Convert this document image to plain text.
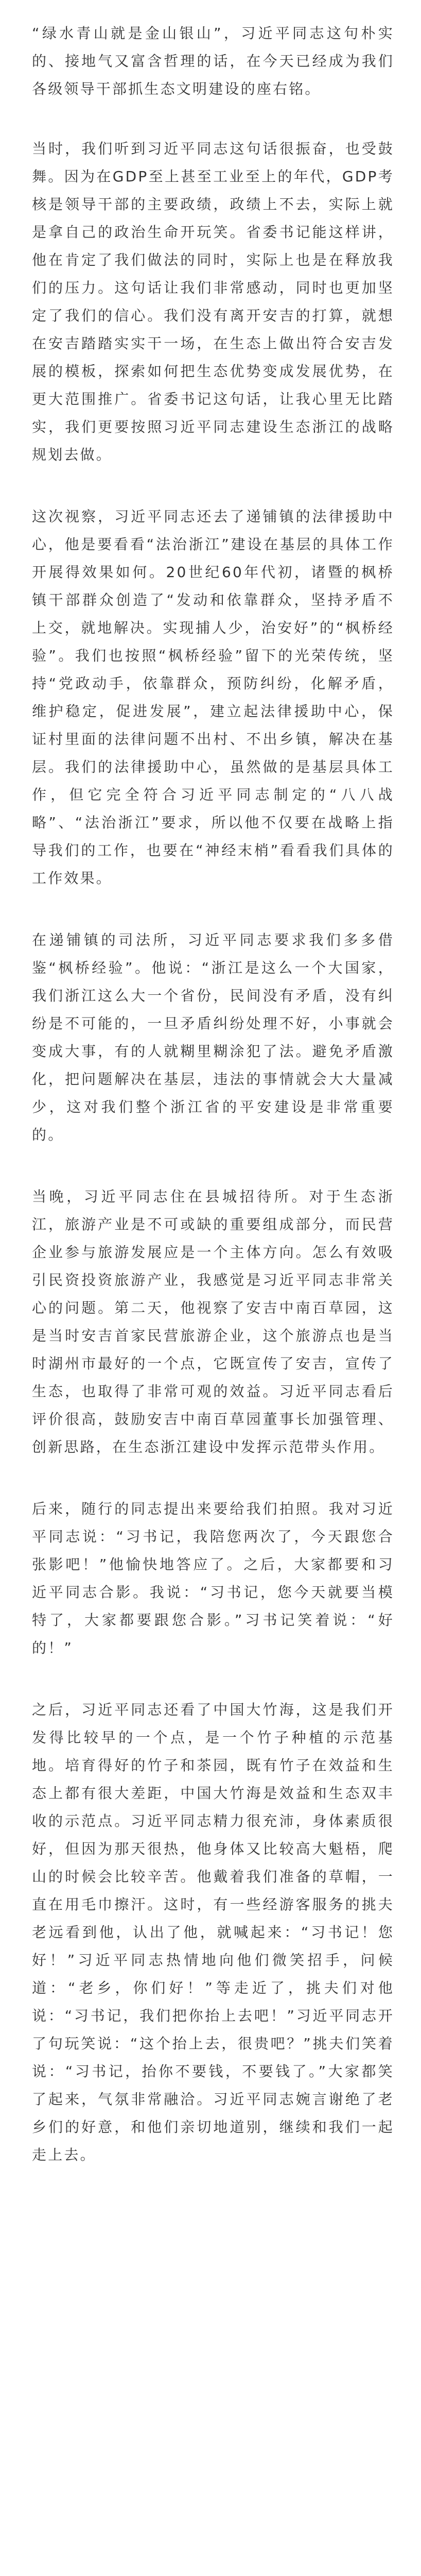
“绿水青山就是金山银山”，习近平同志这句朴实的、接地气又富含哲理的话，在今天已经成为我们各级领导干部抓生态文明建设的座右铭。

当时，我们听到习近平同志这句话很振奋，也受鼓舞。因为在GDP至上甚至工业至上的年代，GDP考核是领导干部的主要政绩，政绩上不去，实际上就是拿自己的政治生命开玩笑。省委书记能这样讲，他在肯定了我们做法的同时，实际上也是在释放我们的压力。这句话让我们非常感动，同时也更加坚定了我们的信心。我们没有离开安吉的打算，就想在安吉踏踏实实干一场，在生态上做出符合安吉发展的模板，探索如何把生态优势变成发展优势，在更大范围推广。省委书记这句话，让我心里无比踏实，我们更要按照习近平同志建设生态浙江的战略规划去做。

这次视察，习近平同志还去了递铺镇的法律援助中心，他是要看看“法治浙江”建设在基层的具体工作开展得效果如何。20世纪60年代初，诸暨的枫桥镇干部群众创造了“发动和依靠群众，坚持矛盾不上交，就地解决。实现捕人少，治安好”的“枫桥经验”。我们也按照“枫桥经验”留下的光荣传统，坚持“党政动手，依靠群众，预防纠纷，化解矛盾，维护稳定，促进发展”，建立起法律援助中心，保证村里面的法律问题不出村、不出乡镇，解决在基层。我们的法律援助中心，虽然做的是基层具体工作，但它完全符合习近平同志制定的“八八战略”、“法治浙江”要求，所以他不仅要在战略上指导我们的工作，也要在“神经末梢”看看我们具体的工作效果。

在递铺镇的司法所，习近平同志要求我们多多借鉴“枫桥经验”。他说：“浙江是这么一个大国家，我们浙江这么大一个省份，民间没有矛盾，没有纠纷是不可能的，一旦矛盾纠纷处理不好，小事就会变成大事，有的人就糊里糊涂犯了法。避免矛盾激化，把问题解决在基层，违法的事情就会大大量减少，这对我们整个浙江省的平安建设是非常重要的。

当晚，习近平同志住在县城招待所。对于生态浙江，旅游产业是不可或缺的重要组成部分，而民营企业参与旅游发展应是一个主体方向。怎么有效吸引民资投资旅游产业，我感觉是习近平同志非常关心的问题。第二天，他视察了安吉中南百草园，这是当时安吉首家民营旅游企业，这个旅游点也是当时湖州市最好的一个点，它既宣传了安吉，宣传了生态，也取得了非常可观的效益。习近平同志看后评价很高，鼓励安吉中南百草园董事长加强管理、创新思路，在生态浙江建设中发挥示范带头作用。

后来，随行的同志提出来要给我们拍照。我对习近平同志说：“习书记，我陪您两次了，今天跟您合张影吧！”他愉快地答应了。之后，大家都要和习近平同志合影。我说：“习书记，您今天就要当模特了，大家都要跟您合影。”习书记笑着说：“好的！”

之后，习近平同志还看了中国大竹海，这是我们开发得比较早的一个点，是一个竹子种植的示范基地。培育得好的竹子和茶园，既有竹子在效益和生态上都有很大差距，中国大竹海是效益和生态双丰收的示范点。习近平同志精力很充沛，身体素质很好，但因为那天很热，他身体又比较高大魁梧，爬山的时候会比较辛苦。他戴着我们准备的草帽，一直在用毛巾擦汗。这时，有一些经游客服务的挑夫老远看到他，认出了他，就喊起来：“习书记！您好！”习近平同志热情地向他们微笑招手，问候道：“老乡，你们好！”等走近了，挑夫们对他说：“习书记，我们把你抬上去吧！”习近平同志开了句玩笑说：“这个抬上去，很贵吧？”挑夫们笑着说：“习书记，抬你不要钱，不要钱了。”大家都笑了起来，气氛非常融洽。习近平同志婉言谢绝了老乡们的好意，和他们亲切地道别，继续和我们一起走上去。
